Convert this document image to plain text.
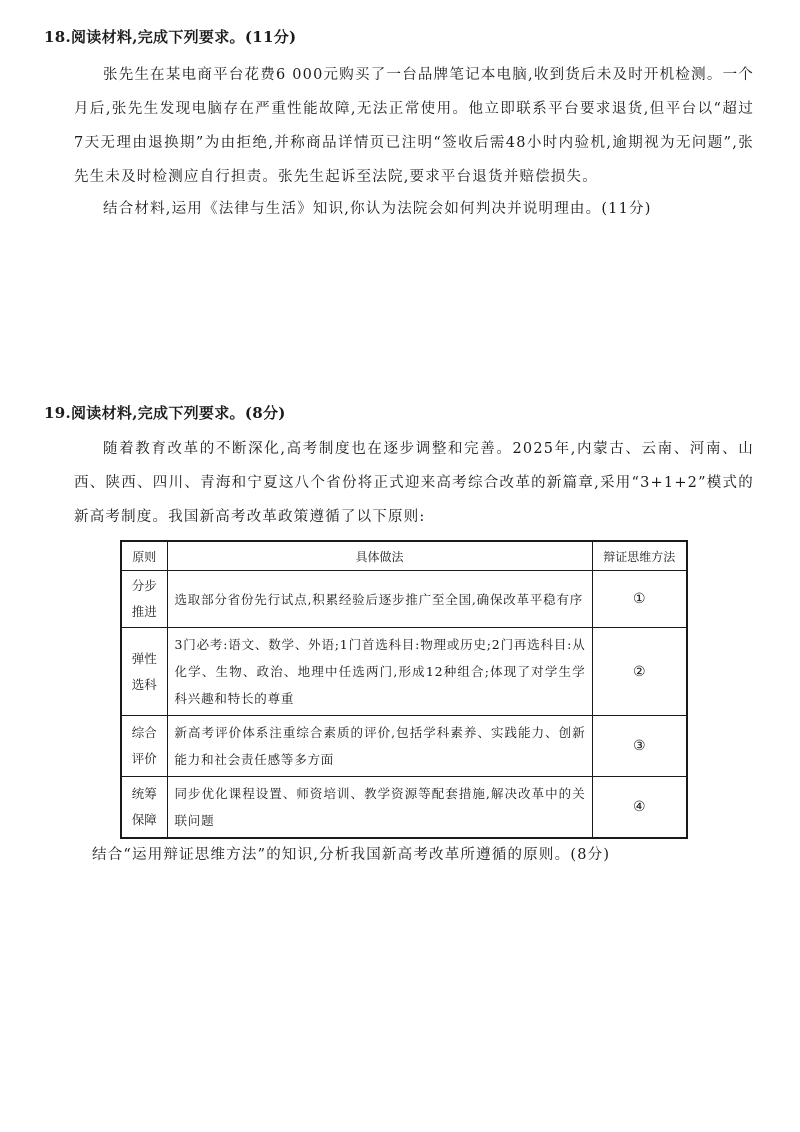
18.阅读材料,完成下列要求。(11分)
张先生在某电商平台花费6 000元购买了一台品牌笔记本电脑,收到货后未及时开机检测。一个月后,张先生发现电脑存在严重性能故障,无法正常使用。他立即联系平台要求退货,但平台以“超过7天无理由退换期”为由拒绝,并称商品详情页已注明“签收后需48小时内验机,逾期视为无问题”,张先生未及时检测应自行担责。张先生起诉至法院,要求平台退货并赔偿损失。
结合材料,运用《法律与生活》知识,你认为法院会如何判决并说明理由。(11分)
19.阅读材料,完成下列要求。(8分)
随着教育改革的不断深化,高考制度也在逐步调整和完善。2025年,内蒙古、云南、河南、山西、陕西、四川、青海和宁夏这八个省份将正式迎来高考综合改革的新篇章,采用“3+1+2”模式的新高考制度。我国新高考改革政策遵循了以下原则:
原则	具体做法	辩证思维方法

分步
推进	选取部分省份先行试点,积累经验后逐步推广至全国,确保改革平稳有序	①

弹性
选科	3门必考:语文、数学、外语;1门首选科目:物理或历史;2门再选科目:从化学、生物、政治、地理中任选两门,形成12种组合;体现了对学生学科兴趣和特长的尊重	②

综合
评价	新高考评价体系注重综合素质的评价,包括学科素养、实践能力、创新能力和社会责任感等多方面	③

统筹
保障	同步优化课程设置、师资培训、教学资源等配套措施,解决改革中的关联问题	④
结合“运用辩证思维方法”的知识,分析我国新高考改革所遵循的原则。(8分)
